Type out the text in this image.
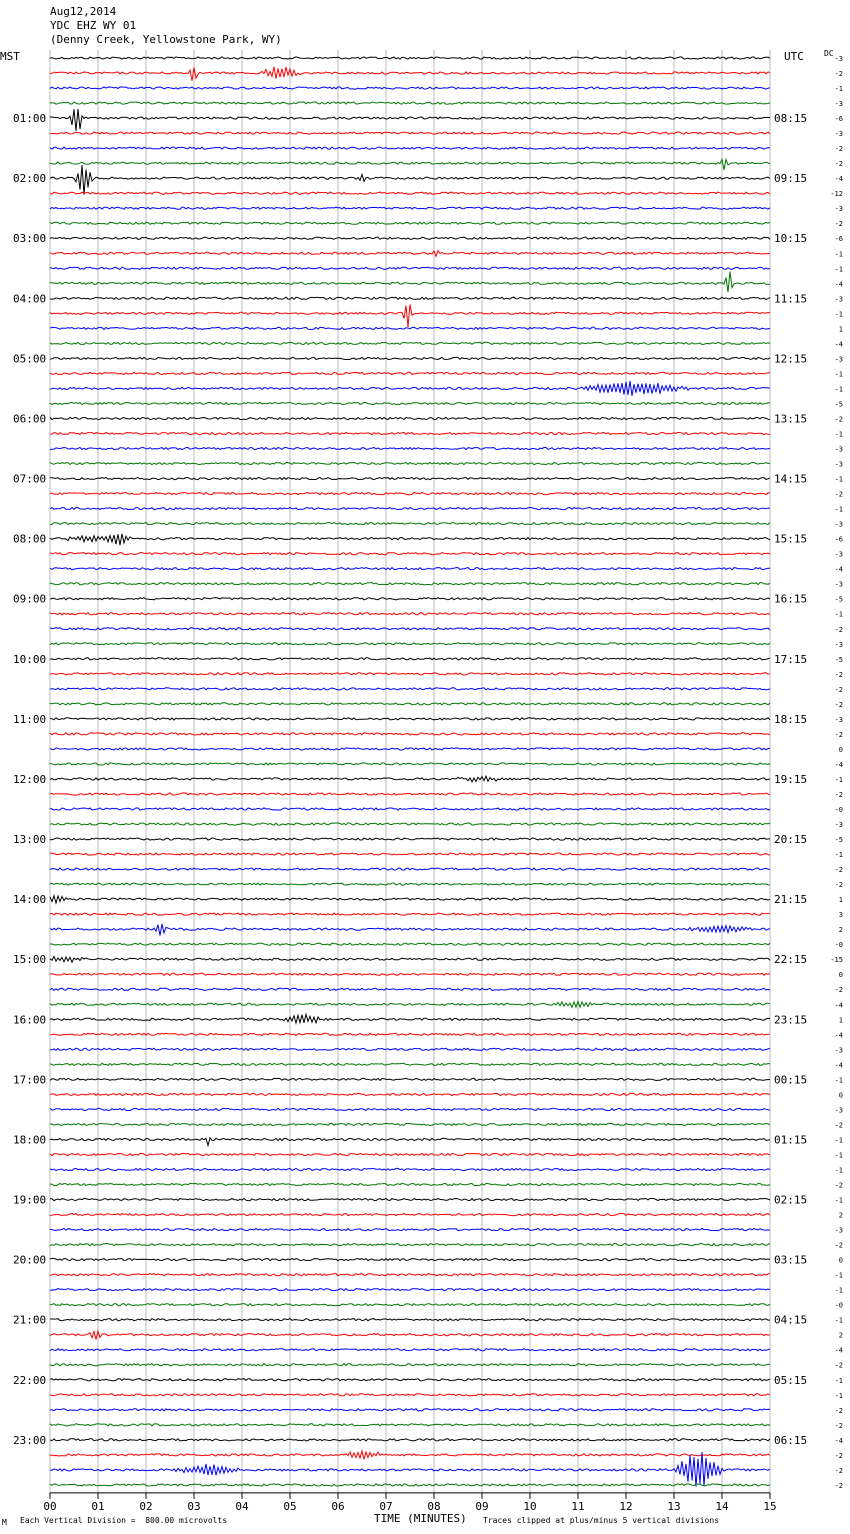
Aug12,2014
YDC EHZ WY 01
(Denny Creek, Yellowstone Park, WY)
MST	UTC	DC
00	01	02	03	04	05	06	07	08	09	10	11	12	13	14	15
-3
-2
-1
-3
-6
-3
-2
-2
-4
-12
-3
-2
-6
-1
-1
-4
-3
-1
1
-4
-3
-1
-1
-5
-2
-1
-3
-3
-1
-2
-1
-3
-6
-3
-4
-3
-5
-1
-2
-3
-5
-2
-2
-2
-3
-2
0
-4
-1
-2
-0
-3
-5
-1
-2
-2
1
3
2
-0
-15
0
-2
-4
1
-4
-3
-4
-1
0
-3
-2
-1
-1
-1
-2
-1
2
-3
-2
0
-1
-1
-0
-1
2
-4
-2
-1
-1
-2
-2
-4
-2
-2
-2
01:00
02:00
03:00
04:00
05:00
06:00
07:00
08:00
09:00
10:00
11:00
12:00
13:00
14:00
15:00
16:00
17:00
18:00
19:00
20:00
21:00
22:00
23:00
08:15
09:15
10:15
11:15
12:15
13:15
14:15
15:15
16:15
17:15
18:15
19:15
20:15
21:15
22:15
23:15
00:15
01:15
02:15
03:15
04:15
05:15
06:15
TIME (MINUTES)
M Each Vertical Division =  800.00 microvolts	Traces clipped at plus/minus 5 vertical divisions
